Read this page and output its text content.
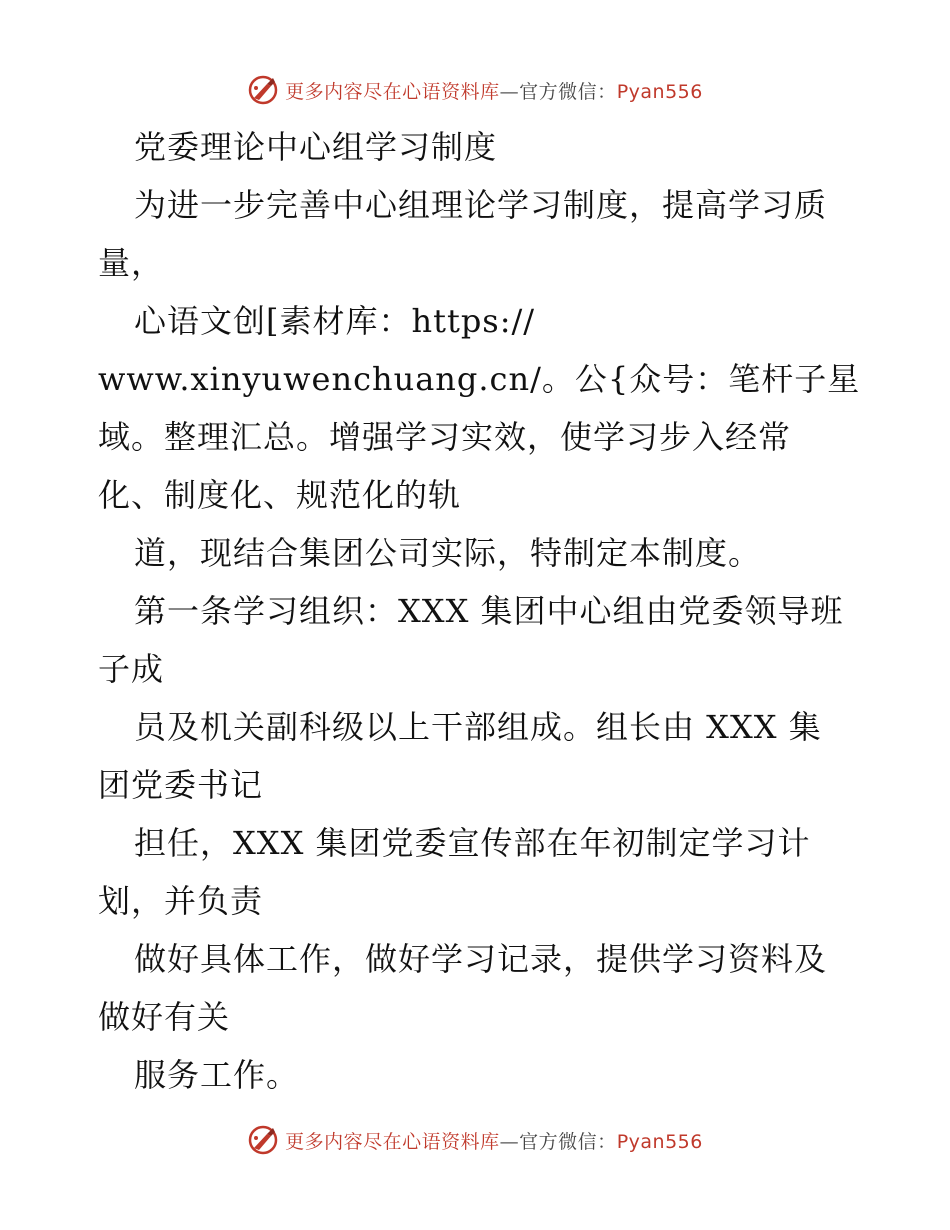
更多内容尽在心语资料库—官方微信：Pyan556
党委理论中心组学习制度
为进一步完善中心组理论学习制度，提高学习质
量，
心语文创[素材库：https://
www.xinyuwenchuang.cn/。公{众号：笔杆子星
域。整理汇总。增强学习实效，使学习步入经常
化、制度化、规范化的轨
道，现结合集团公司实际，特制定本制度。
第一条学习组织：XXX 集团中心组由党委领导班
子成
员及机关副科级以上干部组成。组长由 XXX 集
团党委书记
担任，XXX 集团党委宣传部在年初制定学习计
划，并负责
做好具体工作，做好学习记录，提供学习资料及
做好有关
服务工作。
更多内容尽在心语资料库—官方微信：Pyan556
